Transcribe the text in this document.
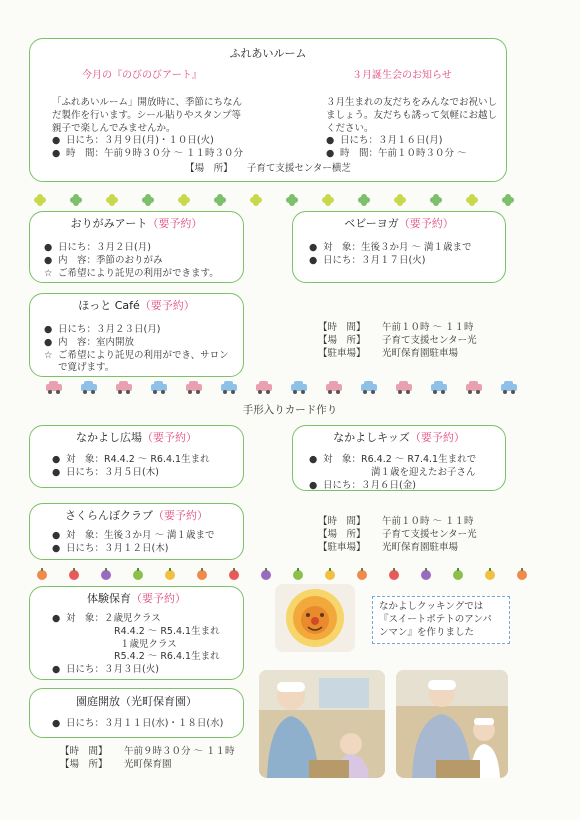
ふれあいルーム
今月の『のびのびアート』	３月誕生会のお知らせ
「ふれあいルーム」開放時に、季節にちなん
だ製作を行います。シール貼りやスタンプ等
親子で楽しんでみませんか。
● 日にち：３月９日(月)・１０日(火)
● 時　間：午前９時３０分 ～ １１時３０分
３月生まれの友だちをみんなでお祝いし
ましょう。友だちも誘って気軽にお越し
ください。
● 日にち：３月１６日(月)
● 時　間：午前１０時３０分 ～
【場　所】　　子育て支援センター横芝
おりがみアート（要予約）
● 日にち：３月２日(月)
● 内　容：季節のおりがみ
☆ ご希望により託児の利用ができます。
ベビーヨガ（要予約）
● 対　象：生後３か月 ～ 満１歳まで
● 日にち：３月１７日(火)
ほっと Café（要予約）
● 日にち：３月２３日(月)
● 内　容：室内開放
☆ ご希望により託児の利用ができ、サロン
で寛げます。
【時　間】 午前１０時 ～ １１時
【場　所】 子育て支援センター光
【駐車場】 光町保育園駐車場
手形入りカード作り
なかよし広場（要予約）
● 対　象：R4.4.2 ～ R6.4.1生まれ
● 日にち：３月５日(木)
なかよしキッズ（要予約）
● 対　象：R6.4.2 ～ R7.4.1生まれで
満１歳を迎えたお子さん
● 日にち：３月６日(金)
さくらんぼクラブ（要予約）
● 対　象：生後３か月 ～ 満１歳まで
● 日にち：３月１２日(木)
【時　間】 午前１０時 ～ １１時
【場　所】 子育て支援センター光
【駐車場】 光町保育園駐車場
体験保育（要予約）
● 対　象：２歳児クラス
R4.4.2 ～ R5.4.1生まれ
１歳児クラス
R5.4.2 ～ R6.4.1生まれ
● 日にち：３月３日(火)
園庭開放（光町保育園）
● 日にち：３月１１日(水)・１８日(水)
【時　間】 午前９時３０分 ～ １１時
【場　所】 光町保育園
なかよしクッキングでは
『スイートポテトのアンパ
ンマン』を作りました
